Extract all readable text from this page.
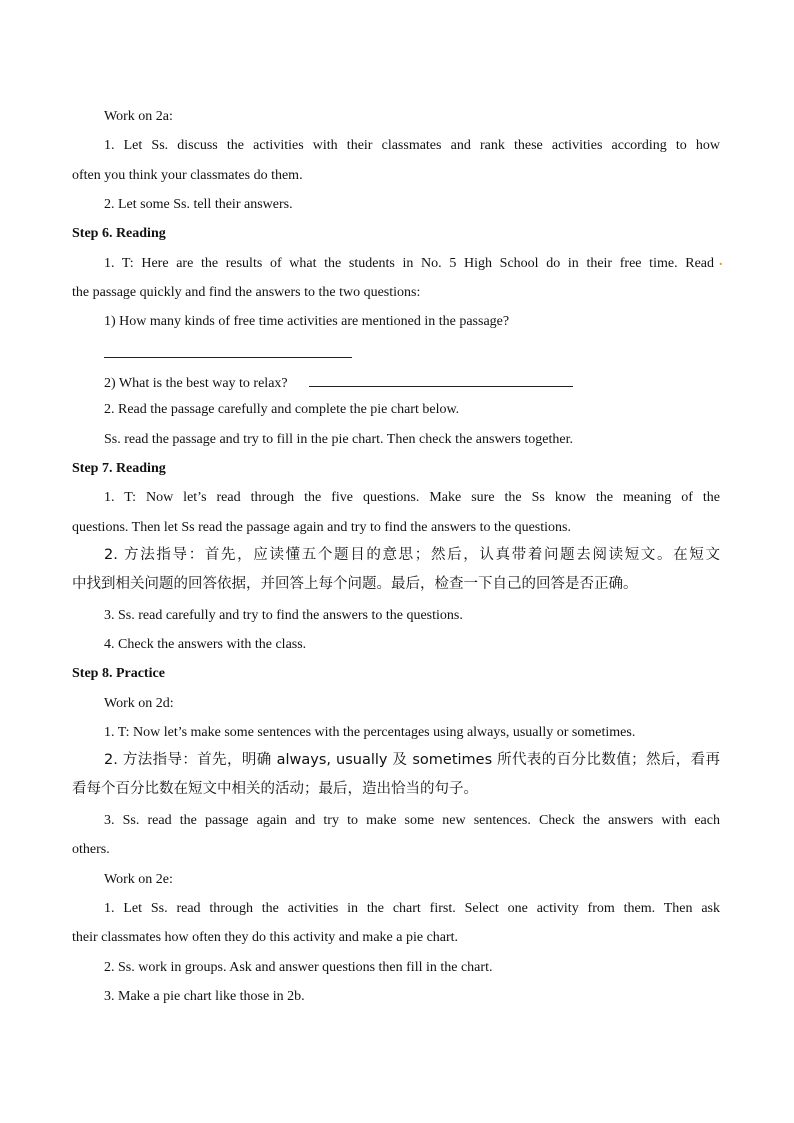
Work on 2a:
1. Let Ss. discuss the activities with their classmates and rank these activities according to how
often you think your classmates do them.
2. Let some Ss. tell their answers.
Step 6. Reading
1. T: Here are the results of what the students in No. 5 High School do in their free time. Read .
the passage quickly and find the answers to the two questions:
1) How many kinds of free time activities are mentioned in the passage?
2) What is the best way to relax?
2. Read the passage carefully and complete the pie chart below.
Ss. read the passage and try to fill in the pie chart. Then check the answers together.
Step 7. Reading
1. T: Now let’s read through the five questions. Make sure the Ss know the meaning of the
questions. Then let Ss read the passage again and try to find the answers to the questions.
2. 方法指导：首先，应读懂五个题目的意思；然后，认真带着问题去阅读短文。在短文
中找到相关问题的回答依据，并回答上每个问题。最后，检查一下自己的回答是否正确。
3. Ss. read carefully and try to find the answers to the questions.
4. Check the answers with the class.
Step 8. Practice
Work on 2d:
1. T: Now let’s make some sentences with the percentages using always, usually or sometimes.
2. 方法指导：首先，明确 always, usually 及 sometimes 所代表的百分比数值；然后，看再
看每个百分比数在短文中相关的活动；最后，造出恰当的句子。
3. Ss. read the passage again and try to make some new sentences. Check the answers with each
others.
Work on 2e:
1. Let Ss. read through the activities in the chart first. Select one activity from them. Then ask
their classmates how often they do this activity and make a pie chart.
2. Ss. work in groups. Ask and answer questions then fill in the chart.
3. Make a pie chart like those in 2b.
